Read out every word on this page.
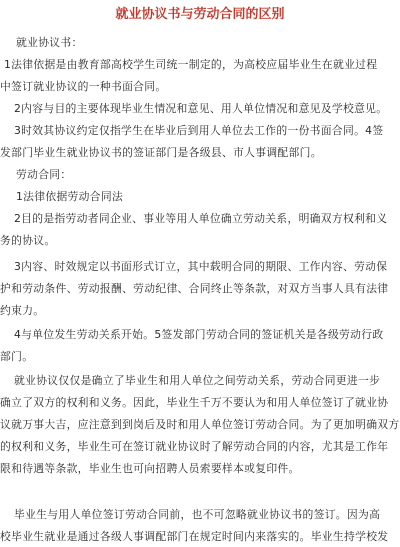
就业协议书与劳动合同的区别
就业协议书：
1法律依据是由教育部高校学生司统一制定的，为高校应届毕业生在就业过程
中签订就业协议的一种书面合同。
2内容与目的主要体现毕业生情况和意见、用人单位情况和意见及学校意见。
3时效其协议约定仅指学生在毕业后到用人单位去工作的一份书面合同。4签
发部门毕业生就业协议书的签证部门是各级县、市人事调配部门。
劳动合同：
1法律依据劳动合同法
2目的是指劳动者同企业、事业等用人单位确立劳动关系，明确双方权利和义
务的协议。
3内容、时效规定以书面形式订立，其中载明合同的期限、工作内容、劳动保
护和劳动条件、劳动报酬、劳动纪律、合同终止等条款，对双方当事人具有法律
约束力。
4与单位发生劳动关系开始。5签发部门劳动合同的签证机关是各级劳动行政
部门。
就业协议仅仅是确立了毕业生和用人单位之间劳动关系，劳动合同更进一步
确立了双方的权利和义务。因此，毕业生千万不要认为和用人单位签订了就业协
议就万事大吉，应注意到到岗后及时和用人单位签订劳动合同。为了更加明确双方
的权利和义务，毕业生可在签订就业协议时了解劳动合同的内容，尤其是工作年
限和待遇等条款，毕业生也可向招聘人员索要样本或复印件。
毕业生与用人单位签订劳动合同前，也不可忽略就业协议书的签订。因为高
校毕业生就业是通过各级人事调配部门在规定时间内来落实的。毕业生持学校发
